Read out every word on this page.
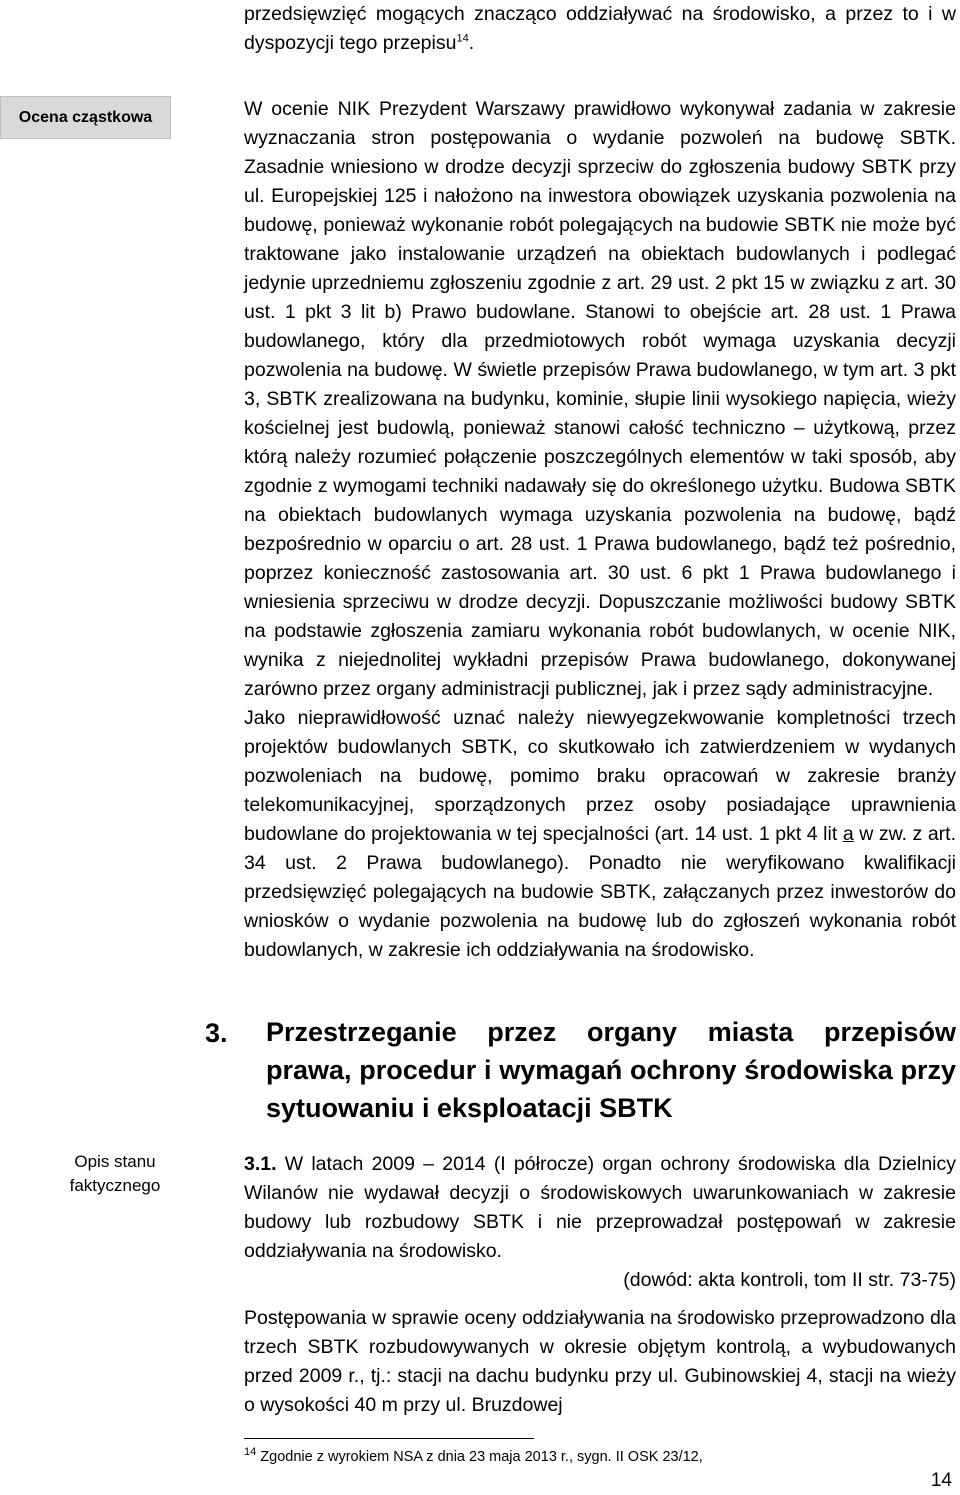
przedsięwzięć mogących znacząco oddziaływać na środowisko, a przez to i w dyspozycji tego przepisu$^{14}$.
Ocena cząstkowa	W ocenie NIK Prezydent Warszawy prawidłowo wykonywał zadania w zakresie wyznaczania stron postępowania o wydanie pozwoleń na budowę SBTK. Zasadnie wniesiono w drodze decyzji sprzeciw do zgłoszenia budowy SBTK przy ul. Europejskiej 125 i nałożono na inwestora obowiązek uzyskania pozwolenia na budowę, ponieważ wykonanie robót polegających na budowie SBTK nie może być traktowane jako instalowanie urządzeń na obiektach budowlanych i podlegać jedynie uprzedniemu zgłoszeniu zgodnie z art. 29 ust. 2 pkt 15 w związku z art. 30 ust. 1 pkt 3 lit b) Prawo budowlane. Stanowi to obejście art. 28 ust. 1 Prawa budowlanego, który dla przedmiotowych robót wymaga uzyskania decyzji pozwolenia na budowę. W świetle przepisów Prawa budowlanego, w tym art. 3 pkt 3, SBTK zrealizowana na budynku, kominie, słupie linii wysokiego napięcia, wieży kościelnej jest budowlą, ponieważ stanowi całość techniczno – użytkową, przez którą należy rozumieć połączenie poszczególnych elementów w taki sposób, aby zgodnie z wymogami techniki nadawały się do określonego użytku. Budowa SBTK na obiektach budowlanych wymaga uzyskania pozwolenia na budowę, bądź bezpośrednio w oparciu o art. 28 ust. 1 Prawa budowlanego, bądź też pośrednio, poprzez konieczność zastosowania art. 30 ust. 6 pkt 1 Prawa budowlanego i wniesienia sprzeciwu w drodze decyzji. Dopuszczanie możliwości budowy SBTK na podstawie zgłoszenia zamiaru wykonania robót budowlanych, w ocenie NIK, wynika z niejednolitej wykładni przepisów Prawa budowlanego, dokonywanej zarówno przez organy administracji publicznej, jak i przez sądy administracyjne.
Jako nieprawidłowość uznać należy niewyegzekwowanie kompletności trzech projektów budowlanych SBTK, co skutkowało ich zatwierdzeniem w wydanych pozwoleniach na budowę, pomimo braku opracowań w zakresie branży telekomunikacyjnej, sporządzonych przez osoby posiadające uprawnienia budowlane do projektowania w tej specjalności (art. 14 ust. 1 pkt 4 lit a w zw. z art. 34 ust. 2 Prawa budowlanego). Ponadto nie weryfikowano kwalifikacji przedsięwzięć polegających na budowie SBTK, załączanych przez inwestorów do wniosków o wydanie pozwolenia na budowę lub do zgłoszeń wykonania robót budowlanych, w zakresie ich oddziaływania na środowisko.
3. Przestrzeganie przez organy miasta przepisów prawa, procedur i wymagań ochrony środowiska przy sytuowaniu i eksploatacji SBTK
Opis stanu faktycznego
3.1. W latach 2009 – 2014 (I półrocze) organ ochrony środowiska dla Dzielnicy Wilanów nie wydawał decyzji o środowiskowych uwarunkowaniach w zakresie budowy lub rozbudowy SBTK i nie przeprowadzał postępowań w zakresie oddziaływania na środowisko.
(dowód: akta kontroli, tom II str. 73-75)
Postępowania w sprawie oceny oddziaływania na środowisko przeprowadzono dla trzech SBTK rozbudowywanych w okresie objętym kontrolą, a wybudowanych przed 2009 r., tj.: stacji na dachu budynku przy ul. Gubinowskiej 4, stacji na wieży o wysokości 40 m przy ul. Bruzdowej
$^{14}$ Zgodnie z wyrokiem NSA z dnia 23 maja 2013 r., sygn. II OSK 23/12,
14
